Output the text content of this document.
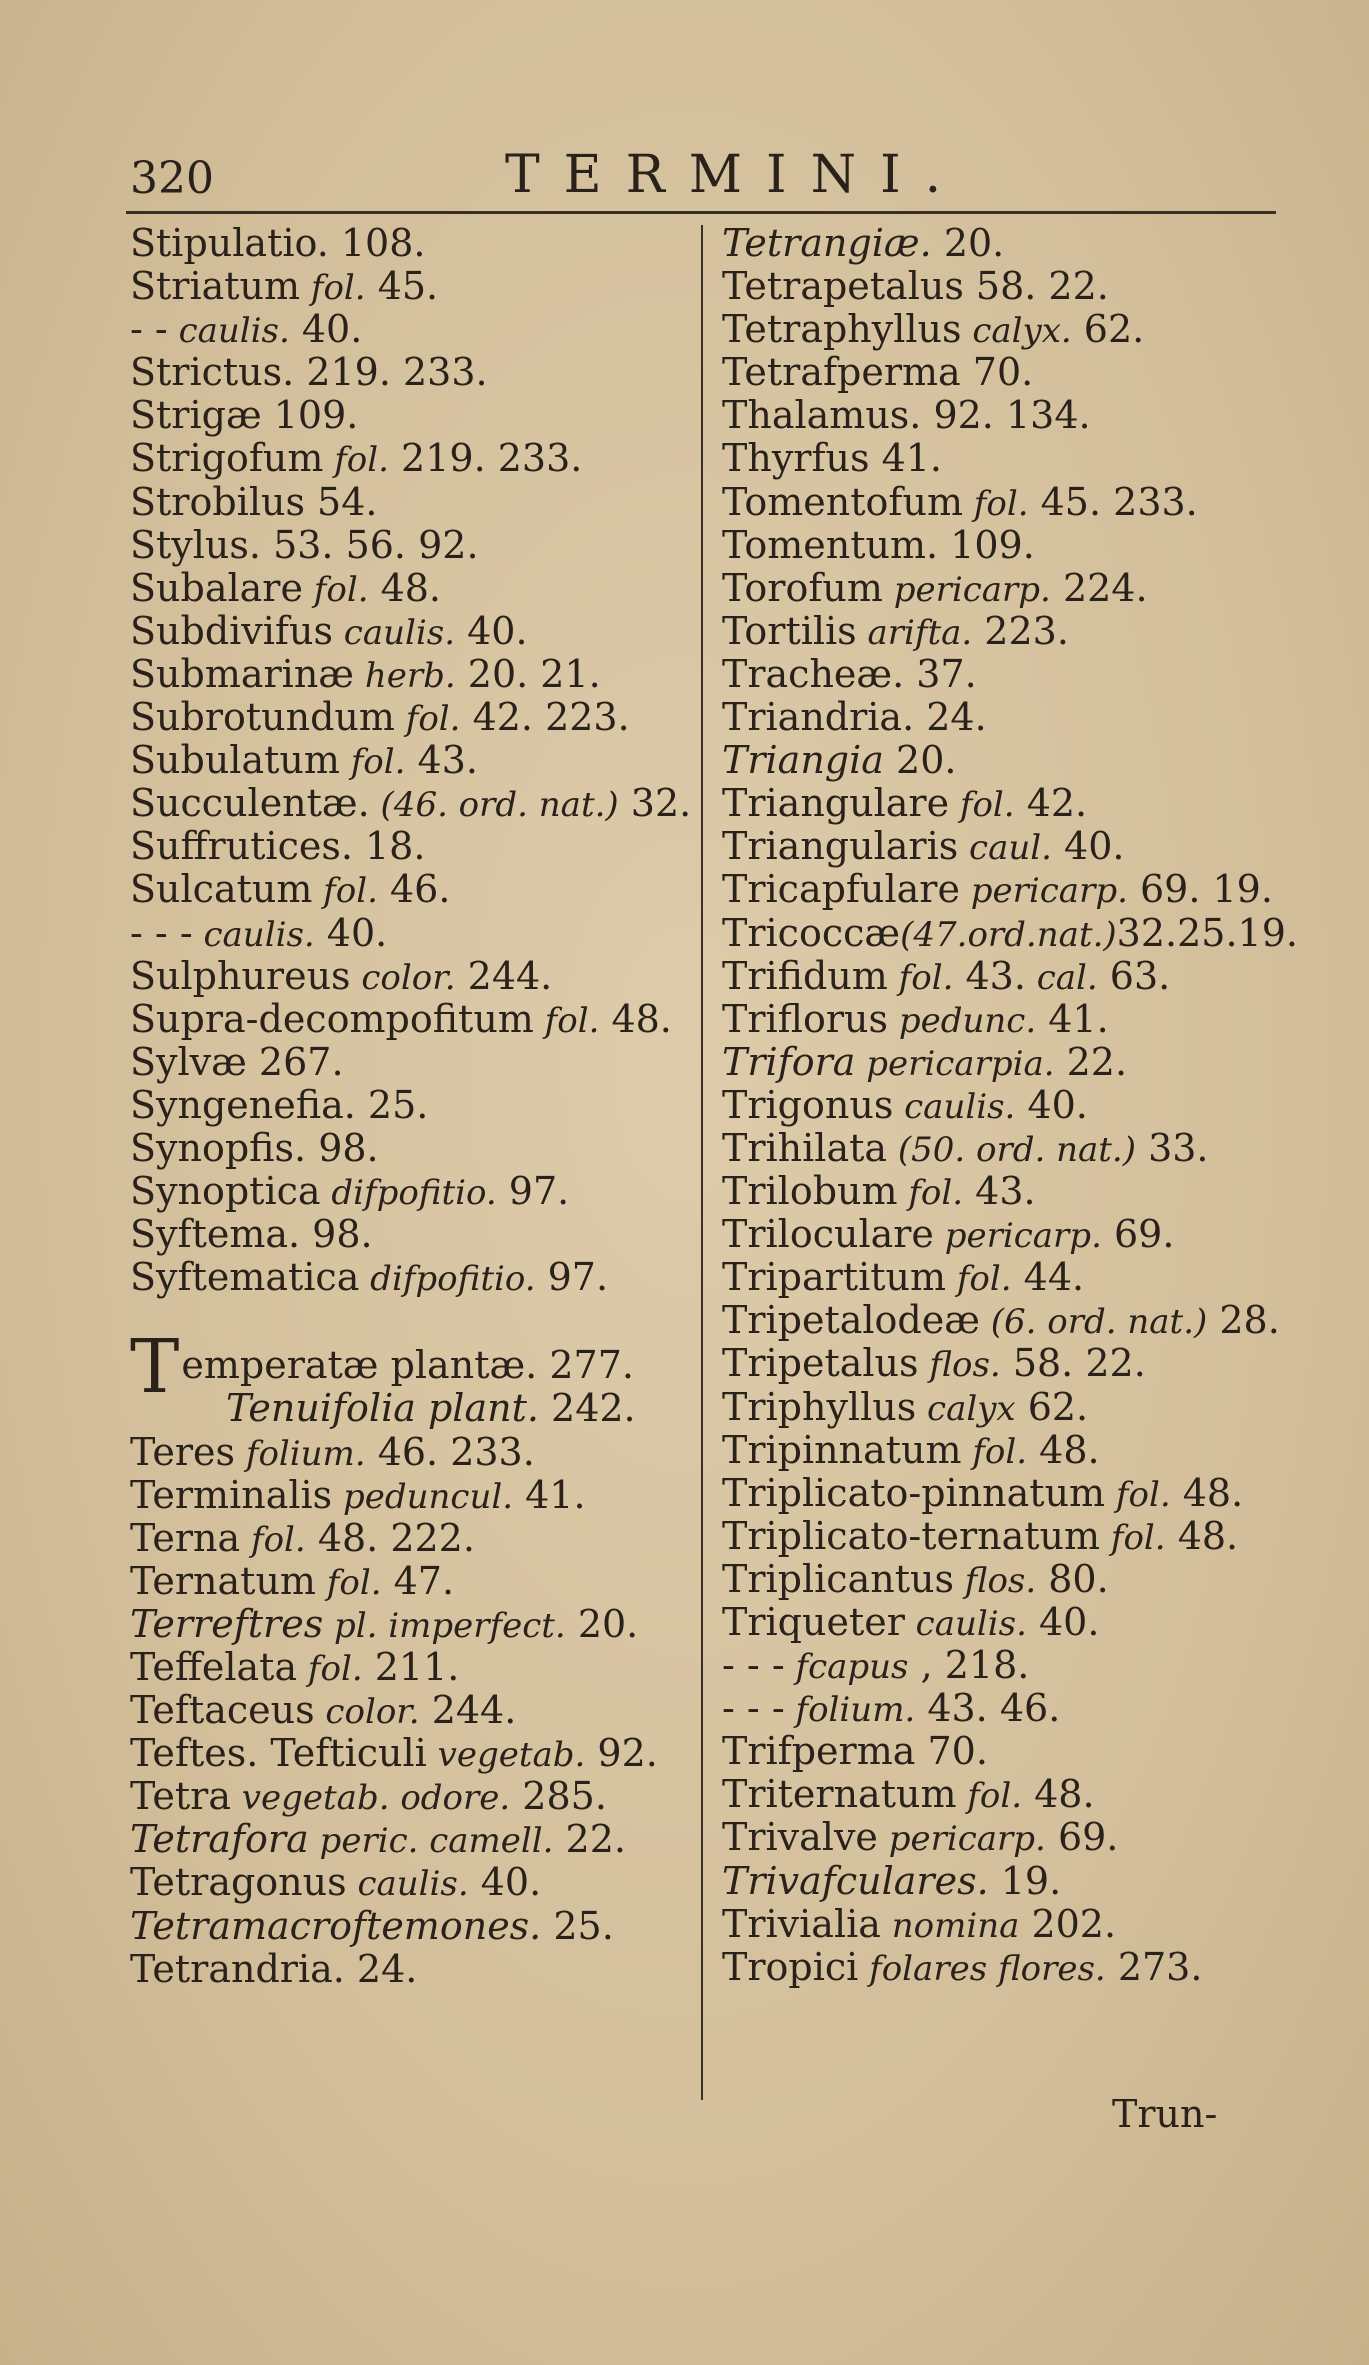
320	TERMINI.
Stipulatio. 108.
Striatum fol. 45.
- - caulis. 40.
Strictus. 219. 233.
Strigæ 109.
Strigofum fol. 219. 233.
Strobilus 54.
Stylus. 53. 56. 92.
Subalare fol. 48.
Subdivifus caulis. 40.
Submarinæ herb. 20. 21.
Subrotundum fol. 42. 223.
Subulatum fol. 43.
Succulentæ. (46. ord. nat.) 32.
Suffrutices. 18.
Sulcatum fol. 46.
- - - caulis. 40.
Sulphureus color. 244.
Supra-decompofitum fol. 48.
Sylvæ 267.
Syngenefia. 25.
Synopfis. 98.
Synoptica difpofitio. 97.
Syftema. 98.
Syftematica difpofitio. 97.
Temperatæ plantæ. 277.
Tenuifolia plant. 242.
Teres folium. 46. 233.
Terminalis peduncul. 41.
Terna fol. 48. 222.
Ternatum fol. 47.
Terreftres pl. imperfect. 20.
Teffelata fol. 211.
Teftaceus color. 244.
Teftes. Tefticuli vegetab. 92.
Tetra vegetab. odore. 285.
Tetrafora peric. camell. 22.
Tetragonus caulis. 40.
Tetramacroftemones. 25.
Tetrandria. 24.
Tetrangiæ. 20.
Tetrapetalus 58. 22.
Tetraphyllus calyx. 62.
Tetrafperma 70.
Thalamus. 92. 134.
Thyrfus 41.
Tomentofum fol. 45. 233.
Tomentum. 109.
Torofum pericarp. 224.
Tortilis arifta. 223.
Tracheæ. 37.
Triandria. 24.
Triangia 20.
Triangulare fol. 42.
Triangularis caul. 40.
Tricapfulare pericarp. 69. 19.
Tricoccæ(47.ord.nat.)32.25.19.
Trifidum fol. 43. cal. 63.
Triflorus pedunc. 41.
Trifora pericarpia. 22.
Trigonus caulis. 40.
Trihilata (50. ord. nat.) 33.
Trilobum fol. 43.
Triloculare pericarp. 69.
Tripartitum fol. 44.
Tripetalodeæ (6. ord. nat.) 28.
Tripetalus flos. 58. 22.
Triphyllus calyx 62.
Tripinnatum fol. 48.
Triplicato-pinnatum fol. 48.
Triplicato-ternatum fol. 48.
Triplicantus flos. 80.
Triqueter caulis. 40.
- - - fcapus , 218.
- - - folium. 43. 46.
Trifperma 70.
Triternatum fol. 48.
Trivalve pericarp. 69.
Trivafculares. 19.
Trivialia nomina 202.
Tropici folares flores. 273.
Trun-
